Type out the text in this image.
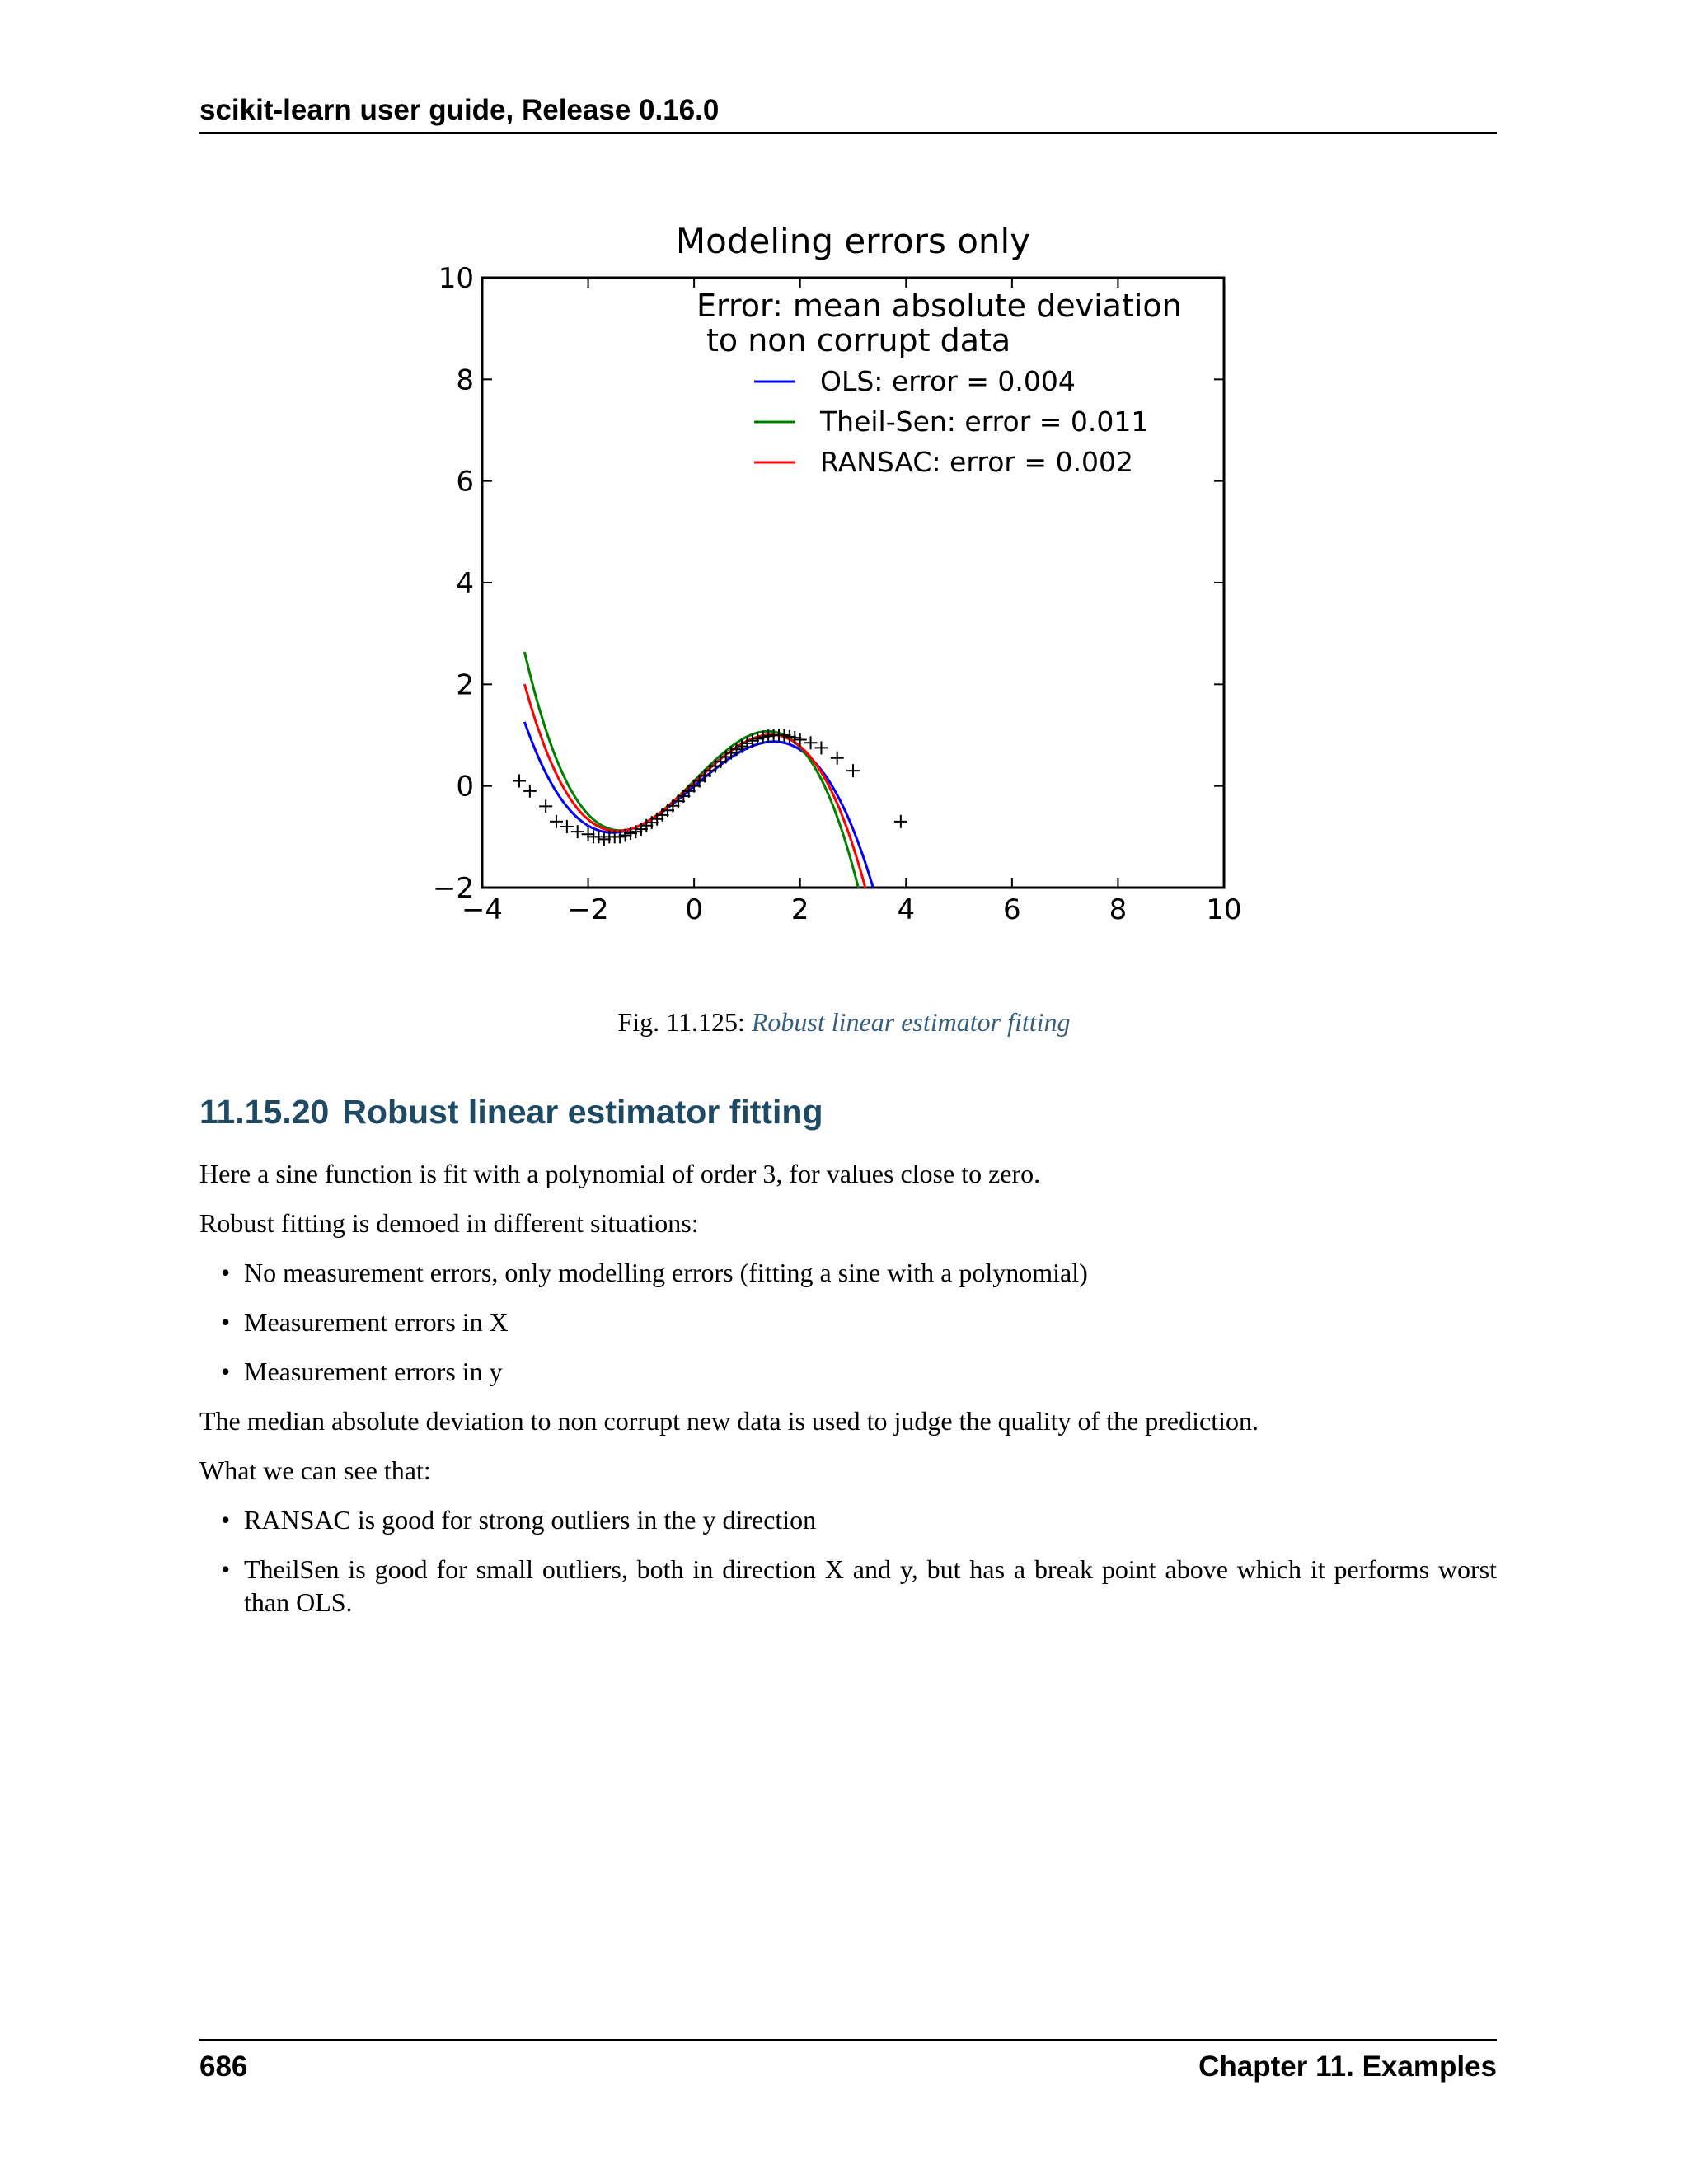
scikit-learn user guide, Release 0.16.0
Modeling errors only
−4 −2	0	2	4	6	8	10
−2
0
2
4
6
8
10
Error: mean absolute deviation
to non corrupt data
OLS: error = 0.004
Theil-Sen: error = 0.011
RANSAC: error = 0.002
Fig. 11.125: Robust linear estimator fitting
11.15.20 Robust linear estimator fitting

Here a sine function is fit with a polynomial of order 3, for values close to zero.

Robust fitting is demoed in different situations:

• No measurement errors, only modelling errors (fitting a sine with a polynomial)

• Measurement errors in X

• Measurement errors in y

The median absolute deviation to non corrupt new data is used to judge the quality of the prediction.

What we can see that:

• RANSAC is good for strong outliers in the y direction

• TheilSen is good for small outliers, both in direction X and y, but has a break point above which it performs worst than OLS.

686	Chapter 11. Examples
